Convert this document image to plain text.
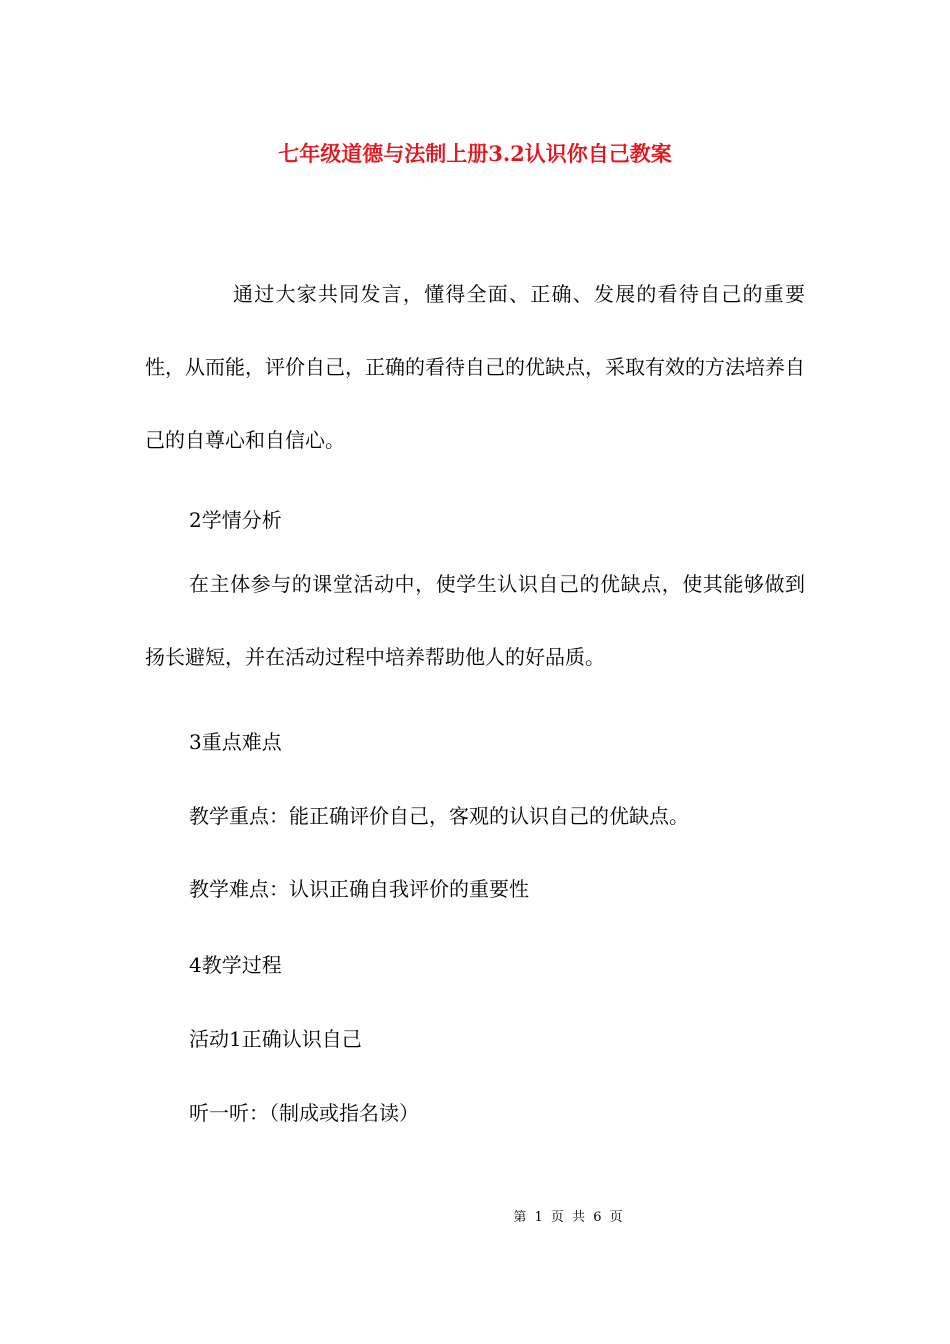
七年级道德与法制上册3.2认识你自己教案
通过大家共同发言，懂得全面、正确、发展的看待自己的重要性，从而能，评价自己，正确的看待自己的优缺点，采取有效的方法培养自己的自尊心和自信心。
2学情分析
在主体参与的课堂活动中，使学生认识自己的优缺点，使其能够做到扬长避短，并在活动过程中培养帮助他人的好品质。
3重点难点
教学重点：能正确评价自己，客观的认识自己的优缺点。
教学难点：认识正确自我评价的重要性
4教学过程
活动1正确认识自己
听一听：（制成或指名读）
第 1 页 共 6 页
